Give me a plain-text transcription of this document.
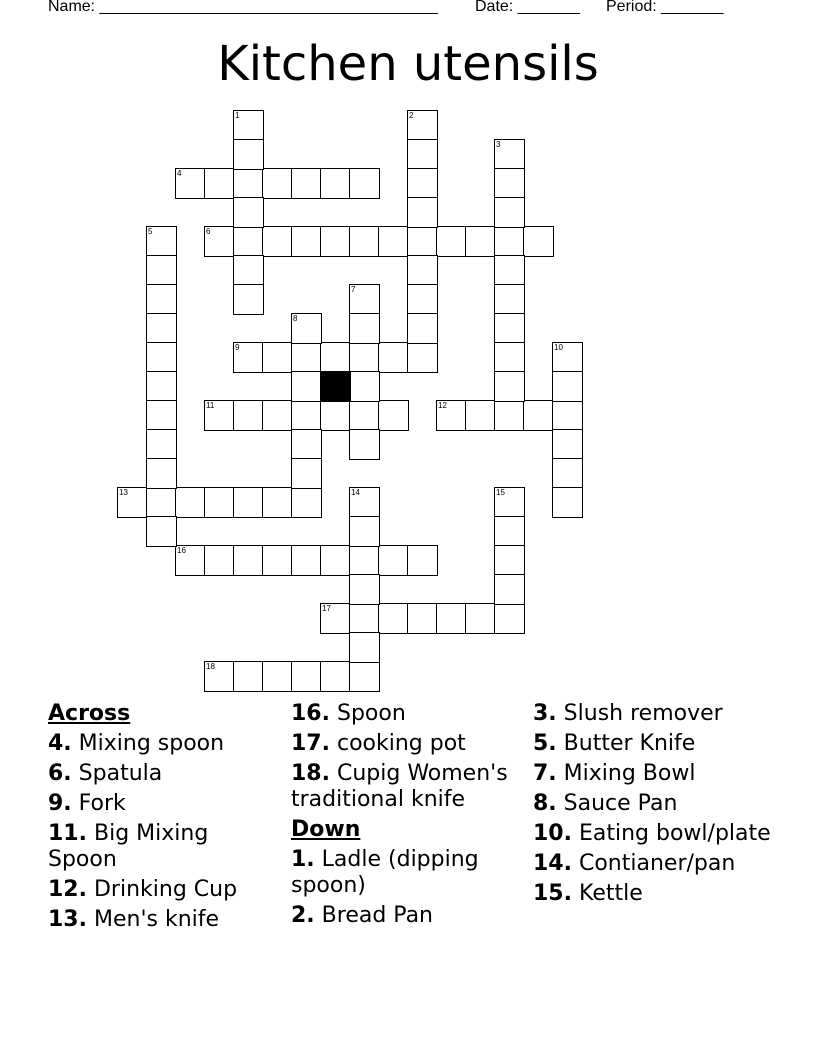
Name: ______________________________________ Date: _______ Period: _______
Kitchen utensils
1	2
3
4
5	6
7
8
9	10
11	12
13	14	15
16
17
18
Across
4. Mixing spoon
6. Spatula
9. Fork
11. Big Mixing Spoon
12. Drinking Cup
13. Men's knife
16. Spoon
17. cooking pot
18. Cupig Women's traditional knife
Down
1. Ladle (dipping spoon)
2. Bread Pan
3. Slush remover
5. Butter Knife
7. Mixing Bowl
8. Sauce Pan
10. Eating bowl/plate
14. Contianer/pan
15. Kettle
